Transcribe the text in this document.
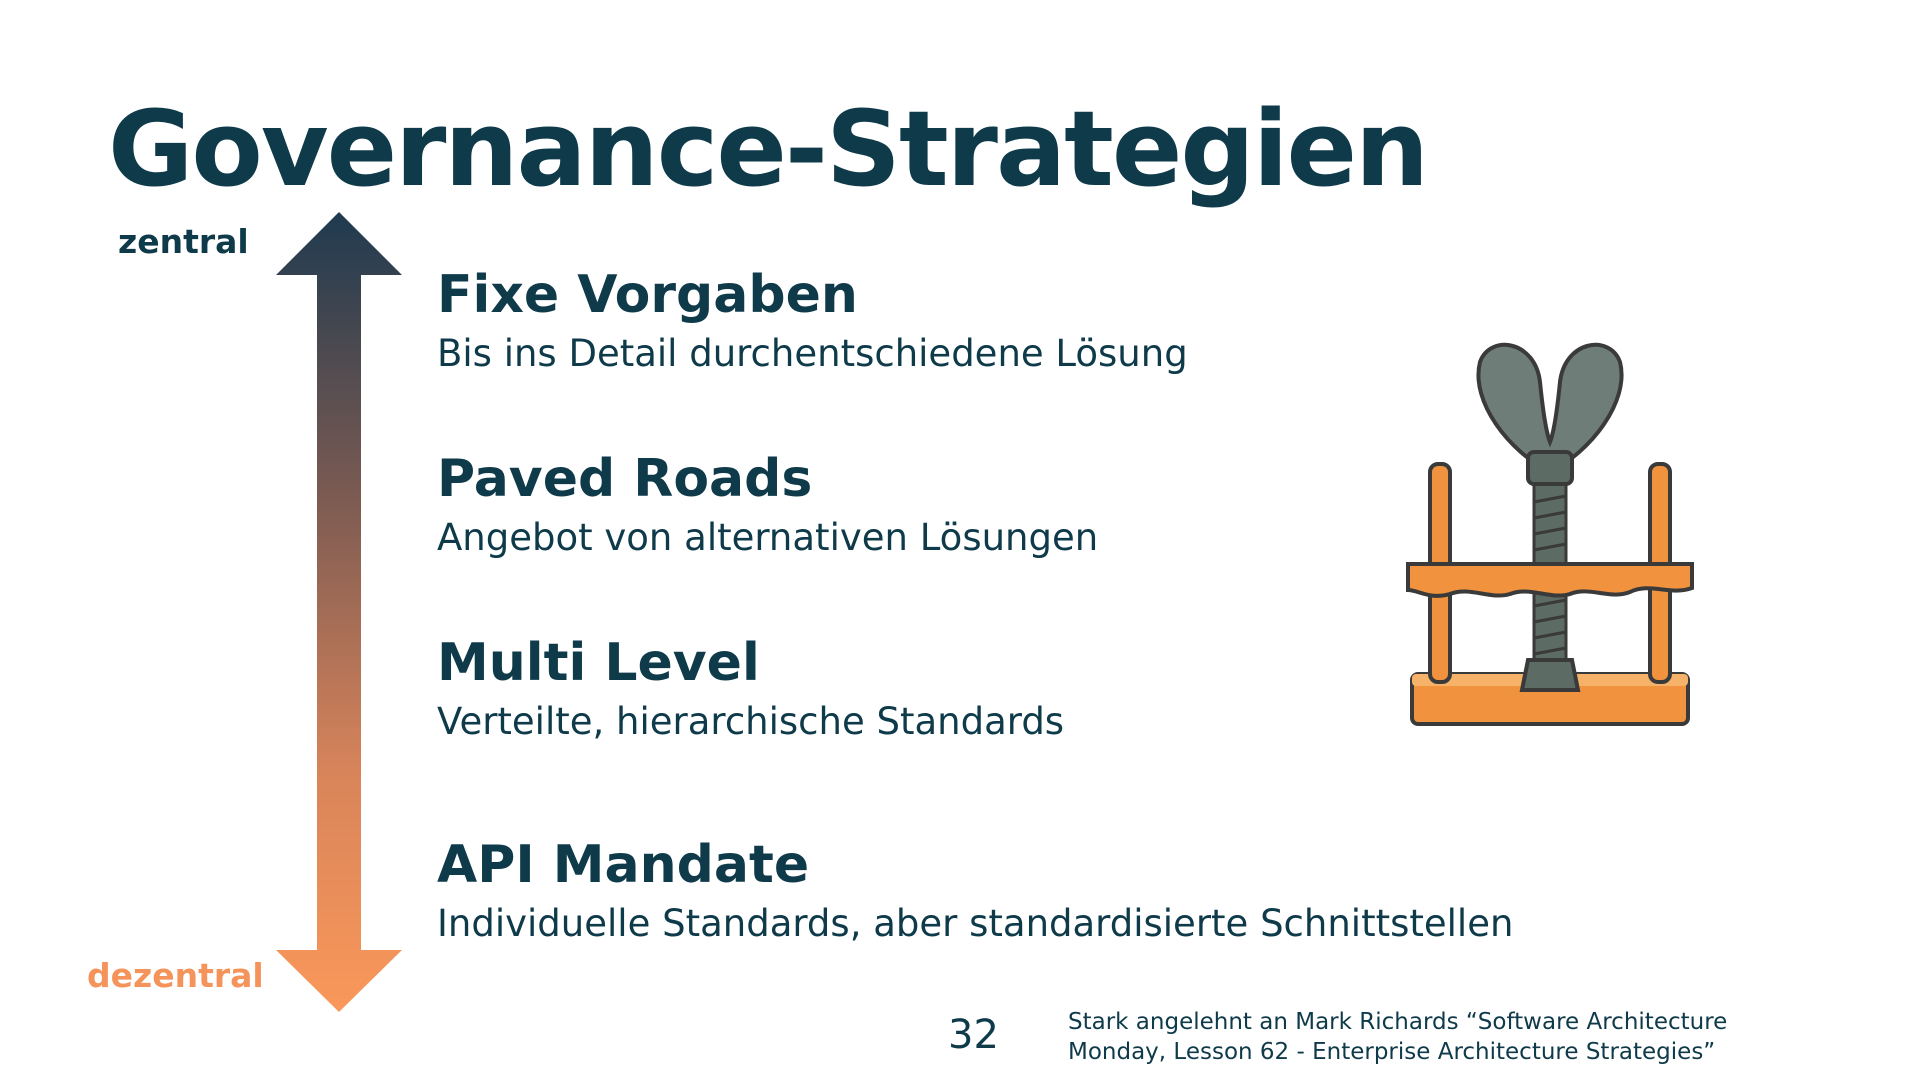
Governance-Strategien
zentral
dezentral
Fixe Vorgaben
Bis ins Detail durchentschiedene Lösung
Paved Roads
Angebot von alternativen Lösungen
Multi Level
Verteilte, hierarchische Standards
API Mandate
Individuelle Standards, aber standardisierte Schnittstellen
32	Stark angelehnt an Mark Richards “Software Architecture
Monday, Lesson 62 - Enterprise Architecture Strategies”
